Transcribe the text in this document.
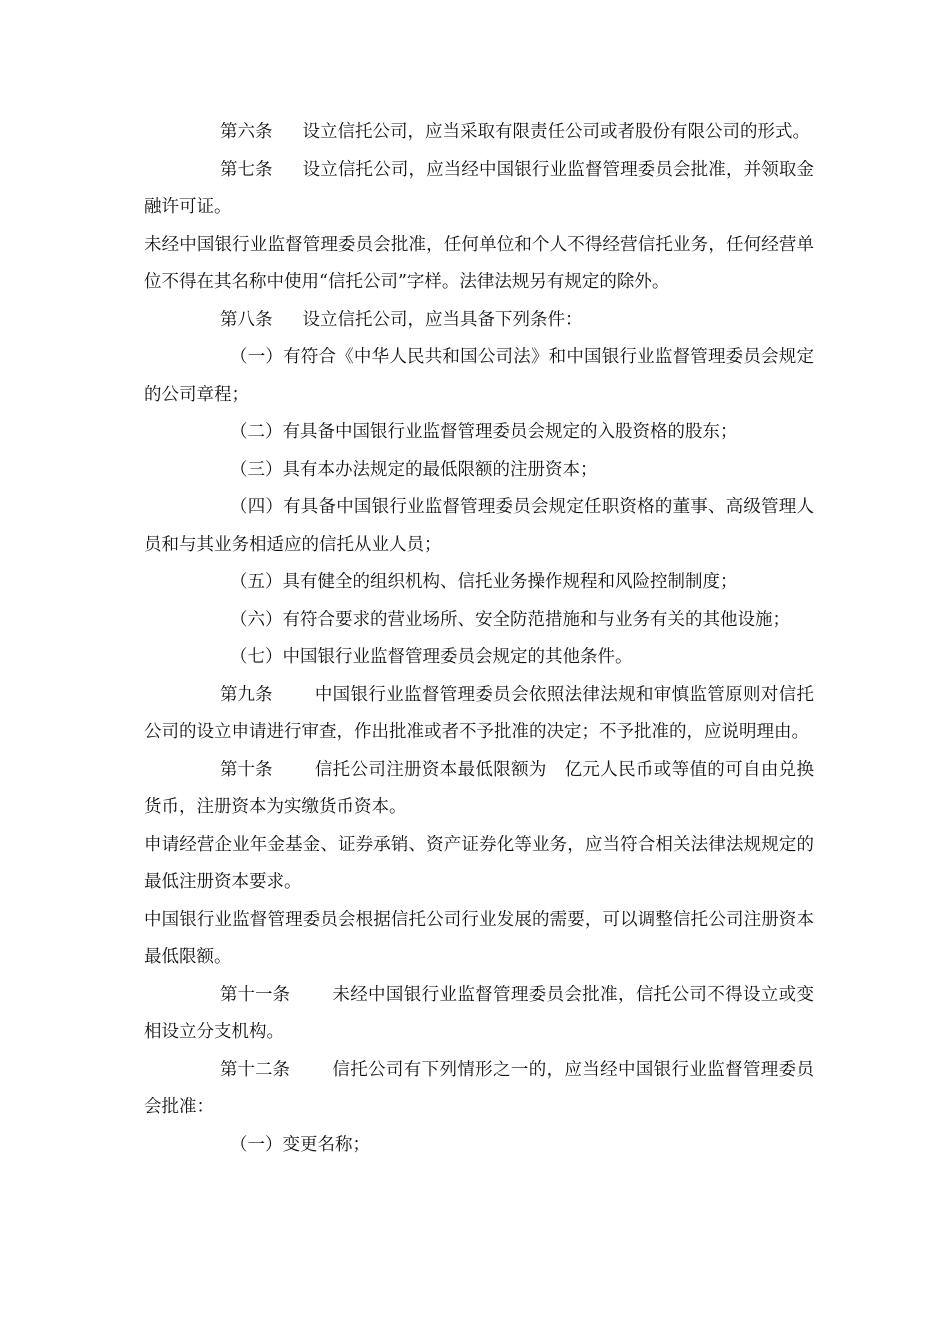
第六条 设立信托公司，应当采取有限责任公司或者股份有限公司的形式。

第七条 设立信托公司，应当经中国银行业监督管理委员会批准，并领取金融许可证。

未经中国银行业监督管理委员会批准，任何单位和个人不得经营信托业务，任何经营单位不得在其名称中使用“信托公司”字样。法律法规另有规定的除外。

第八条 设立信托公司，应当具备下列条件：

（一）有符合《中华人民共和国公司法》和中国银行业监督管理委员会规定的公司章程；

（二）有具备中国银行业监督管理委员会规定的入股资格的股东；

（三）具有本办法规定的最低限额的注册资本；

（四）有具备中国银行业监督管理委员会规定任职资格的董事、高级管理人员和与其业务相适应的信托从业人员；

（五）具有健全的组织机构、信托业务操作规程和风险控制制度；

（六）有符合要求的营业场所、安全防范措施和与业务有关的其他设施；

（七）中国银行业监督管理委员会规定的其他条件。

第九条 中国银行业监督管理委员会依照法律法规和审慎监管原则对信托公司的设立申请进行审查，作出批准或者不予批准的决定；不予批准的，应说明理由。

第十条 信托公司注册资本最低限额为　亿元人民币或等值的可自由兑换货币，注册资本为实缴货币资本。

申请经营企业年金基金、证券承销、资产证券化等业务，应当符合相关法律法规规定的最低注册资本要求。

中国银行业监督管理委员会根据信托公司行业发展的需要，可以调整信托公司注册资本最低限额。

第十一条 未经中国银行业监督管理委员会批准，信托公司不得设立或变相设立分支机构。

第十二条 信托公司有下列情形之一的，应当经中国银行业监督管理委员会批准：

（一）变更名称；
